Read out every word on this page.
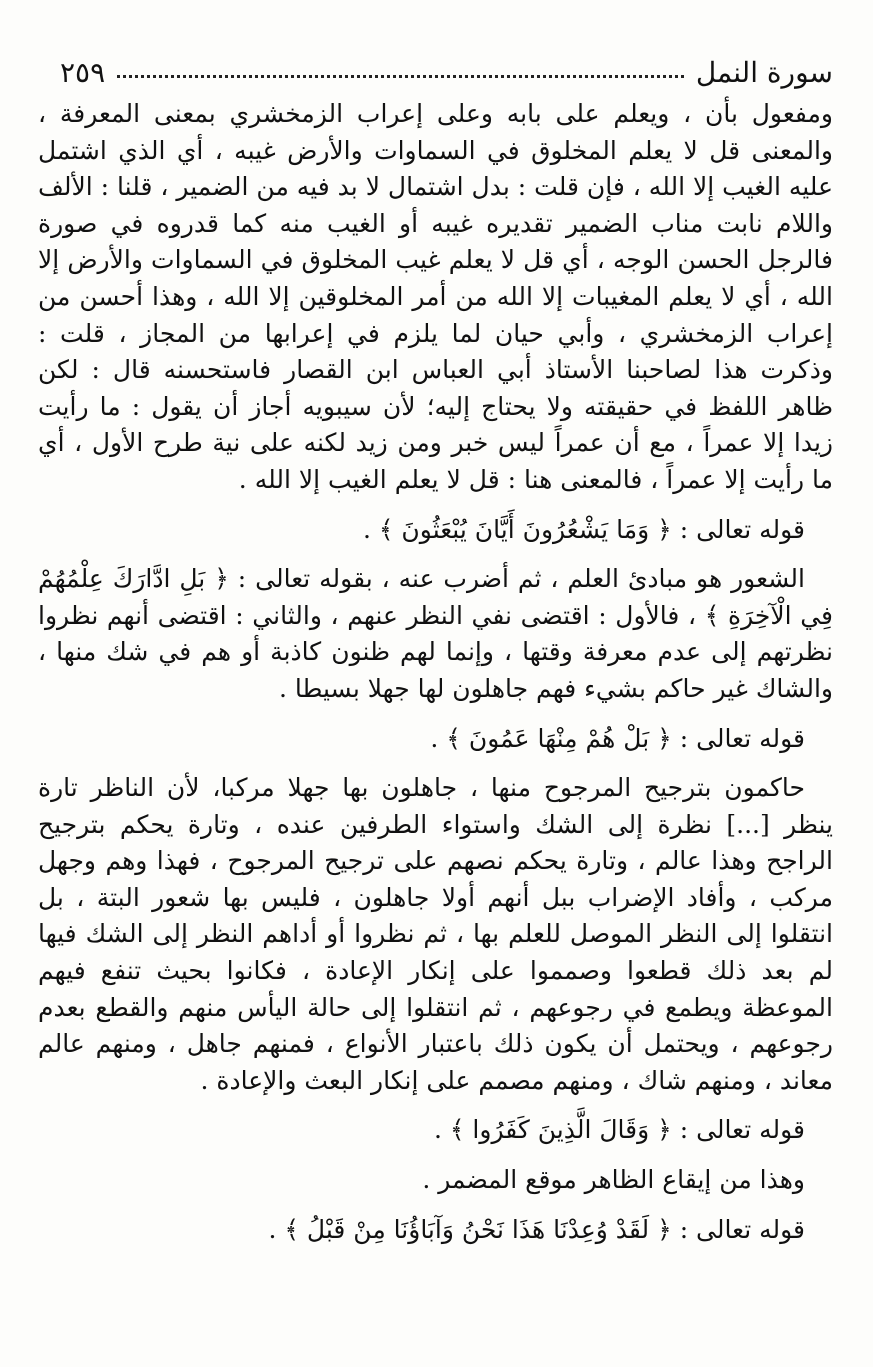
سورة النمل
٢٥٩

ومفعول بأن ، ويعلم على بابه وعلى إعراب الزمخشري بمعنى المعرفة ، والمعنى قل لا يعلم المخلوق في السماوات والأرض غيبه ، أي الذي اشتمل عليه الغيب إلا الله ، فإن قلت : بدل اشتمال لا بد فيه من الضمير ، قلنا : الألف واللام نابت مناب الضمير تقديره غيبه أو الغيب منه كما قدروه في صورة فالرجل الحسن الوجه ، أي قل لا يعلم غيب المخلوق في السماوات والأرض إلا الله ، أي لا يعلم المغيبات إلا الله من أمر المخلوقين إلا الله ، وهذا أحسن من إعراب الزمخشري ، وأبي حيان لما يلزم في إعرابها من المجاز ، قلت : وذكرت هذا لصاحبنا الأستاذ أبي العباس ابن القصار فاستحسنه قال : لكن ظاهر اللفظ في حقيقته ولا يحتاج إليه؛ لأن سيبويه أجاز أن يقول : ما رأيت زيدا إلا عمراً ، مع أن عمراً ليس خبر ومن زيد لكنه على نية طرح الأول ، أي ما رأيت إلا عمراً ، فالمعنى هنا : قل لا يعلم الغيب إلا الله .

قوله تعالى : ﴿ وَمَا يَشْعُرُونَ أَيَّانَ يُبْعَثُونَ ﴾ .

الشعور هو مبادئ العلم ، ثم أضرب عنه ، بقوله تعالى : ﴿ بَلِ ادَّارَكَ عِلْمُهُمْ فِي الْآخِرَةِ ﴾ ، فالأول : اقتضى نفي النظر عنهم ، والثاني : اقتضى أنهم نظروا نظرتهم إلى عدم معرفة وقتها ، وإنما لهم ظنون كاذبة أو هم في شك منها ، والشاك غير حاكم بشيء فهم جاهلون لها جهلا بسيطا .

قوله تعالى : ﴿ بَلْ هُمْ مِنْهَا عَمُونَ ﴾ .

حاكمون بترجيح المرجوح منها ، جاهلون بها جهلا مركبا، لأن الناظر تارة ينظر [...] نظرة إلى الشك واستواء الطرفين عنده ، وتارة يحكم بترجيح الراجح وهذا عالم ، وتارة يحكم نصهم على ترجيح المرجوح ، فهذا وهم وجهل مركب ، وأفاد الإضراب ببل أنهم أولا جاهلون ، فليس بها شعور البتة ، بل انتقلوا إلى النظر الموصل للعلم بها ، ثم نظروا أو أداهم النظر إلى الشك فيها لم بعد ذلك قطعوا وصمموا على إنكار الإعادة ، فكانوا بحيث تنفع فيهم الموعظة ويطمع في رجوعهم ، ثم انتقلوا إلى حالة اليأس منهم والقطع بعدم رجوعهم ، ويحتمل أن يكون ذلك باعتبار الأنواع ، فمنهم جاهل ، ومنهم عالم معاند ، ومنهم شاك ، ومنهم مصمم على إنكار البعث والإعادة .

قوله تعالى : ﴿ وَقَالَ الَّذِينَ كَفَرُوا ﴾ .

وهذا من إيقاع الظاهر موقع المضمر .

قوله تعالى : ﴿ لَقَدْ وُعِدْنَا هَذَا نَحْنُ وَآبَاؤُنَا مِنْ قَبْلُ ﴾ .
